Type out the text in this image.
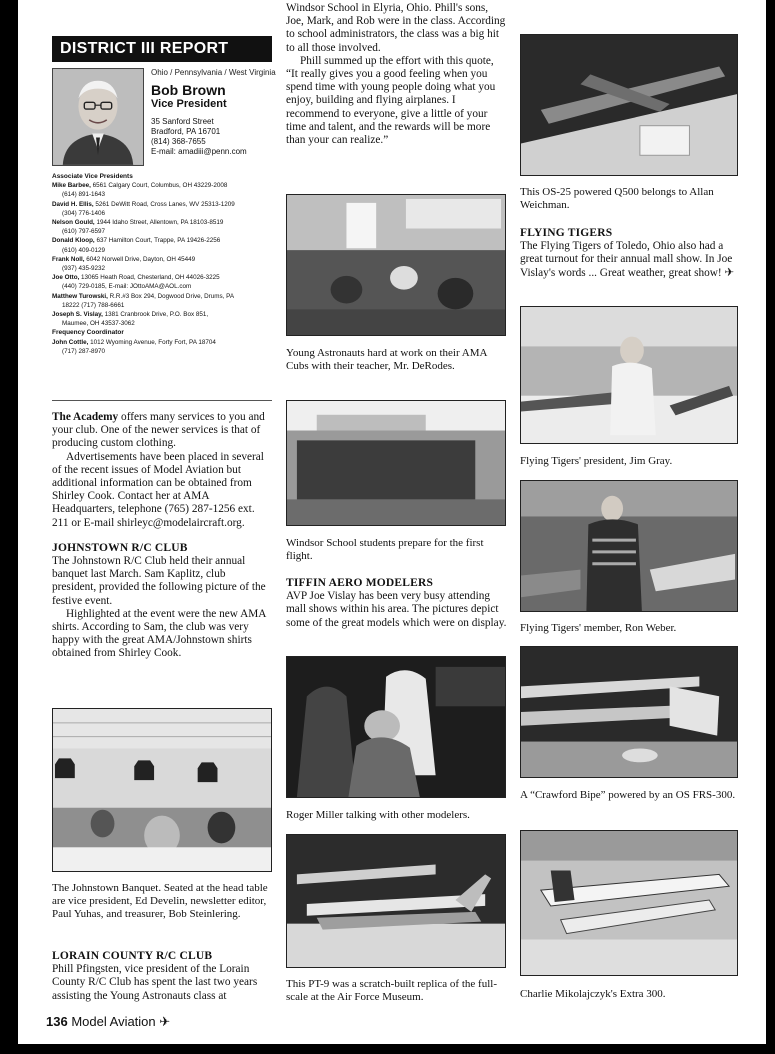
DISTRICT III REPORT
Ohio / Pennsylvania / West Virginia
Bob Brown
Vice President
35 Sanford Street
Bradford, PA 16701
(814) 368-7655
E-mail: amadiii@penn.com
Associate Vice Presidents
Mike Barbee, 6561 Calgary Court, Columbus, OH 43229-2008
(614) 891-1643
David H. Ellis, 5261 DeWitt Road, Cross Lanes, WV 25313-1209
(304) 776-1406
Nelson Gould, 1944 Idaho Street, Allentown, PA 18103-8519
(610) 797-6597
Donald Kloop, 637 Hamilton Court, Trappe, PA 19426-2256
(610) 409-0129
Frank Noll, 6042 Norwell Drive, Dayton, OH 45449
(937) 435-9232
Joe Otto, 13065 Heath Road, Chesterland, OH 44026-3225
(440) 729-0185, E-mail: JOttoAMA@AOL.com
Matthew Turowski, R.R.#3 Box 294, Dogwood Drive, Drums, PA
18222 (717) 788-6661
Joseph S. Vislay, 1381 Cranbrook Drive, P.O. Box 851,
Maumee, OH 43537-3062
Frequency Coordinator
John Cottle, 1012 Wyoming Avenue, Forty Fort, PA 18704
(717) 287-8970

The Academy offers many services to you and your club. One of the newer services is that of producing custom clothing.

Advertisements have been placed in several of the recent issues of Model Aviation but additional information can be obtained from Shirley Cook. Contact her at AMA Headquarters, telephone (765) 287-1256 ext. 211 or E-mail shirleyc@modelaircraft.org.

JOHNSTOWN R/C CLUB

The Johnstown R/C Club held their annual banquet last March. Sam Kaplitz, club president, provided the following picture of the festive event.

Highlighted at the event were the new AMA shirts. According to Sam, the club was very happy with the great AMA/Johnstown shirts obtained from Shirley Cook.

The Johnstown Banquet. Seated at the head table are vice president, Ed Develin, newsletter editor, Paul Yuhas, and treasurer, Bob Steinlering.

LORAIN COUNTY R/C CLUB

Phill Pfingsten, vice president of the Lorain County R/C Club has spent the last two years assisting the Young Astronauts class at

Windsor School in Elyria, Ohio. Phill's sons, Joe, Mark, and Rob were in the class. According to school administrators, the class was a big hit to all those involved.

Phill summed up the effort with this quote, “It really gives you a good feeling when you spend time with young people doing what you enjoy, building and flying airplanes. I recommend to everyone, give a little of your time and talent, and the rewards will be more than your can realize.”

Young Astronauts hard at work on their AMA Cubs with their teacher, Mr. DeRodes.
Windsor School students prepare for the first flight.

TIFFIN AERO MODELERS

AVP Joe Vislay has been very busy attending mall shows within his area. The pictures depict some of the great models which were on display.

Roger Miller talking with other modelers.
This PT-9 was a scratch-built replica of the full-scale at the Air Force Museum.
This OS-25 powered Q500 belongs to Allan Weichman.

FLYING TIGERS

The Flying Tigers of Toledo, Ohio also had a great turnout for their annual mall show. In Joe Vislay's words ... Great weather, great show! ✈

Flying Tigers' president, Jim Gray.
Flying Tigers' member, Ron Weber.
A “Crawford Bipe” powered by an OS FRS-300.
Charlie Mikolajczyk's Extra 300.
136 Model Aviation ✈
